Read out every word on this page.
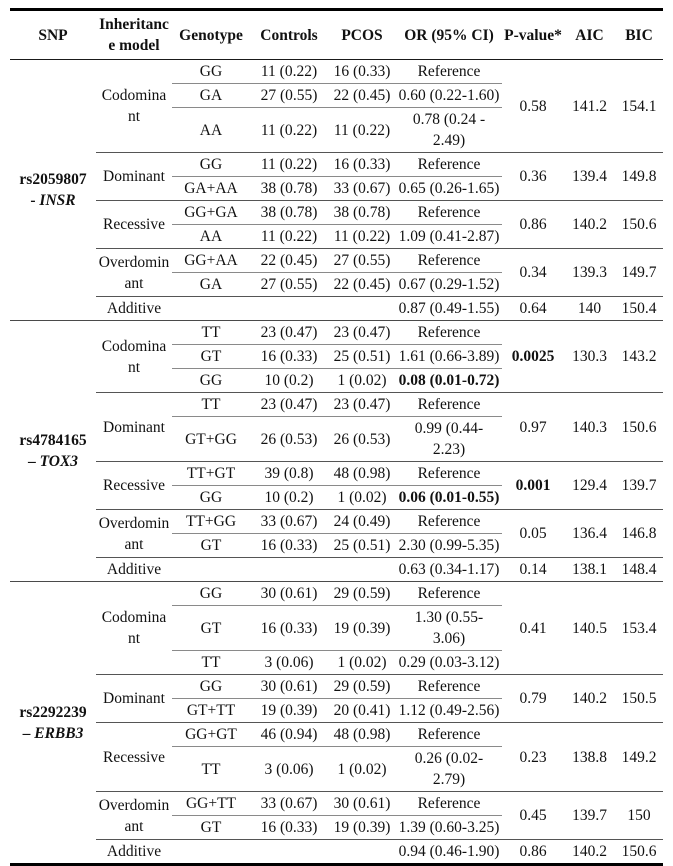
SNP	Inheritance model	Genotype	Controls	PCOS	OR (95% CI)	P-value*	AIC	BIC

rs2059807
- INSR	Codominant	GG	11 (0.22)	16 (0.33)	Reference	0.58	141.2	154.1
		GA	27 (0.55)	22 (0.45)	0.60 (0.22-1.60)			
		AA	11 (0.22)	11 (0.22)	0.78 (0.24 - 2.49)			
	Dominant	GG	11 (0.22)	16 (0.33)	Reference	0.36	139.4	149.8
		GA+AA	38 (0.78)	33 (0.67)	0.65 (0.26-1.65)			
	Recessive	GG+GA	38 (0.78)	38 (0.78)	Reference	0.86	140.2	150.6
		AA	11 (0.22)	11 (0.22)	1.09 (0.41-2.87)			
	Overdominant	GG+AA	22 (0.45)	27 (0.55)	Reference	0.34	139.3	149.7
		GA	27 (0.55)	22 (0.45)	0.67 (0.29-1.52)			
	Additive				0.87 (0.49-1.55)	0.64	140	150.4

rs4784165
– TOX3	Codominant	TT	23 (0.47)	23 (0.47)	Reference	0.0025	130.3	143.2
		GT	16 (0.33)	25 (0.51)	1.61 (0.66-3.89)			
		GG	10 (0.2)	1 (0.02)	0.08 (0.01-0.72)			
	Dominant	TT	23 (0.47)	23 (0.47)	Reference	0.97	140.3	150.6
		GT+GG	26 (0.53)	26 (0.53)	0.99 (0.44- 2.23)			
	Recessive	TT+GT	39 (0.8)	48 (0.98)	Reference	0.001	129.4	139.7
		GG	10 (0.2)	1 (0.02)	0.06 (0.01-0.55)			
	Overdominant	TT+GG	33 (0.67)	24 (0.49)	Reference	0.05	136.4	146.8
		GT	16 (0.33)	25 (0.51)	2.30 (0.99-5.35)			
	Additive				0.63 (0.34-1.17)	0.14	138.1	148.4

rs2292239
– ERBB3	Codominant	GG	30 (0.61)	29 (0.59)	Reference	0.41	140.5	153.4
		GT	16 (0.33)	19 (0.39)	1.30 (0.55- 3.06)			
		TT	3 (0.06)	1 (0.02)	0.29 (0.03-3.12)			
	Dominant	GG	30 (0.61)	29 (0.59)	Reference	0.79	140.2	150.5
		GT+TT	19 (0.39)	20 (0.41)	1.12 (0.49-2.56)			
	Recessive	GG+GT	46 (0.94)	48 (0.98)	Reference	0.23	138.8	149.2
		TT	3 (0.06)	1 (0.02)	0.26 (0.02- 2.79)			
	Overdominant	GG+TT	33 (0.67)	30 (0.61)	Reference	0.45	139.7	150
		GT	16 (0.33)	19 (0.39)	1.39 (0.60-3.25)			
	Additive				0.94 (0.46-1.90)	0.86	140.2	150.6
